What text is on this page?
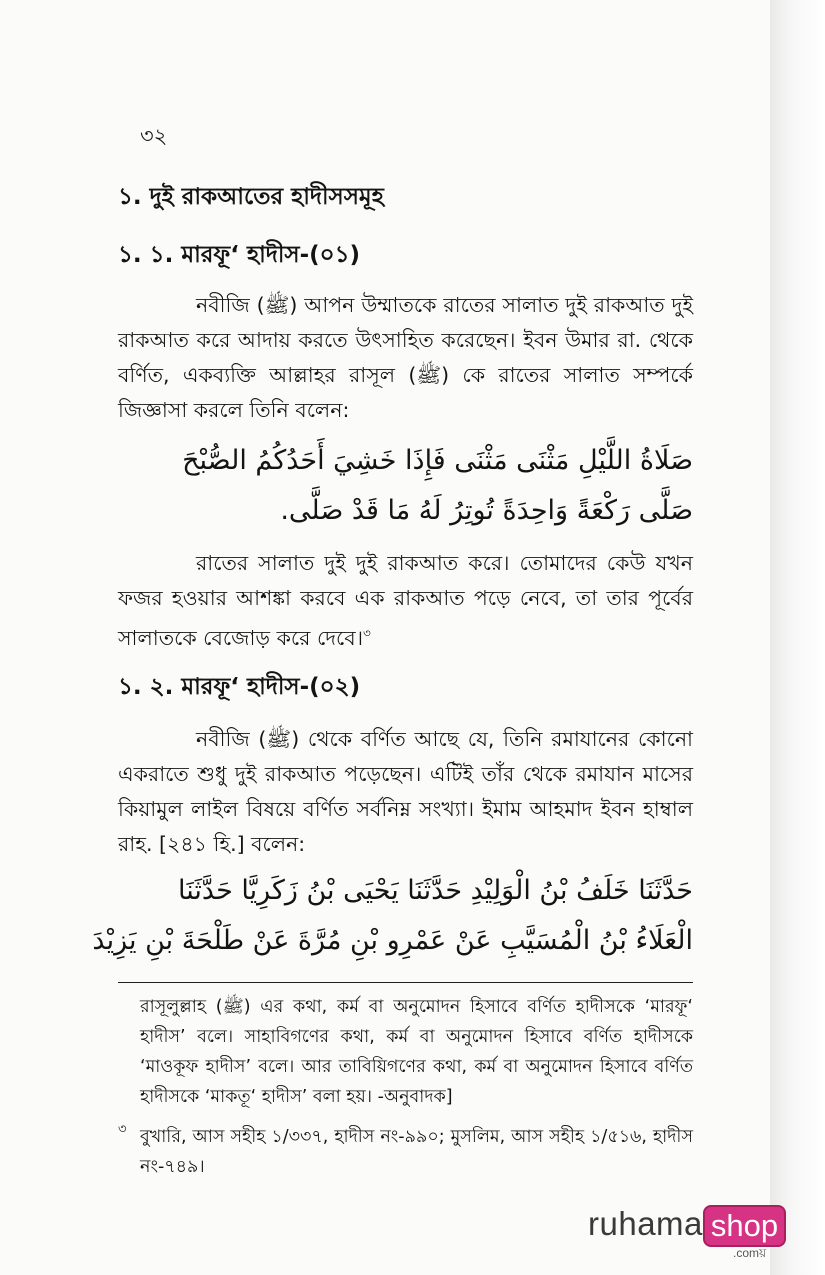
৩২
১. দুই রাকআতের হাদীসসমূহ
১. ১. মারফূ‘ হাদীস-(০১)

নবীজি (ﷺ) আপন উম্মাতকে রাতের সালাত দুই রাকআত দুই রাকআত করে আদায় করতে উৎসাহিত করেছেন। ইবন উমার রা. থেকে বর্ণিত, একব্যক্তি আল্লাহর রাসূল (ﷺ) কে রাতের সালাত সম্পর্কে জিজ্ঞাসা করলে তিনি বলেন:

صَلَاةُ اللَّيْلِ مَثْنَى مَثْنَى فَإِذَا خَشِيَ أَحَدُكُمُ الصُّبْحَ
صَلَّى رَكْعَةً وَاحِدَةً تُوتِرُ لَهُ مَا قَدْ صَلَّى.

রাতের সালাত দুই দুই রাকআত করে। তোমাদের কেউ যখন ফজর হওয়ার আশঙ্কা করবে এক রাকআত পড়ে নেবে, তা তার পূর্বের সালাতকে বেজোড় করে দেবে।$^৩$

১. ২. মারফূ‘ হাদীস-(০২)

নবীজি (ﷺ) থেকে বর্ণিত আছে যে, তিনি রমাযানের কোনো একরাতে শুধু দুই রাকআত পড়েছেন। এটিই তাঁর থেকে রমাযান মাসের কিয়ামুল লাইল বিষয়ে বর্ণিত সর্বনিম্ন সংখ্যা। ইমাম আহমাদ ইবন হাম্বাল রাহ. [২৪১ হি.] বলেন:

حَدَّثَنَا خَلَفُ بْنُ الْوَلِيْدِ حَدَّثَنَا يَحْيَى بْنُ زَكَرِيَّا حَدَّثَنَا
الْعَلَاءُ بْنُ الْمُسَيَّبِ عَنْ عَمْرِو بْنِ مُرَّةَ عَنْ طَلْحَةَ بْنِ يَزِيْدَ
রাসূলুল্লাহ (ﷺ) এর কথা, কর্ম বা অনুমোদন হিসাবে বর্ণিত হাদীসকে ‘মারফূ‘ হাদীস’ বলে। সাহাবিগণের কথা, কর্ম বা অনুমোদন হিসাবে বর্ণিত হাদীসকে ‘মাওকূফ হাদীস’ বলে। আর তাবিয়িগণের কথা, কর্ম বা অনুমোদন হিসাবে বর্ণিত হাদীসকে ‘মাকতূ‘ হাদীস’ বলা হয়। -অনুবাদক]
৩ বুখারি, আস সহীহ ১/৩৩৭, হাদীস নং-৯৯০; মুসলিম, আস সহীহ ১/৫১৬, হাদীস নং-৭৪৯।
ruhama shop
.comয়
